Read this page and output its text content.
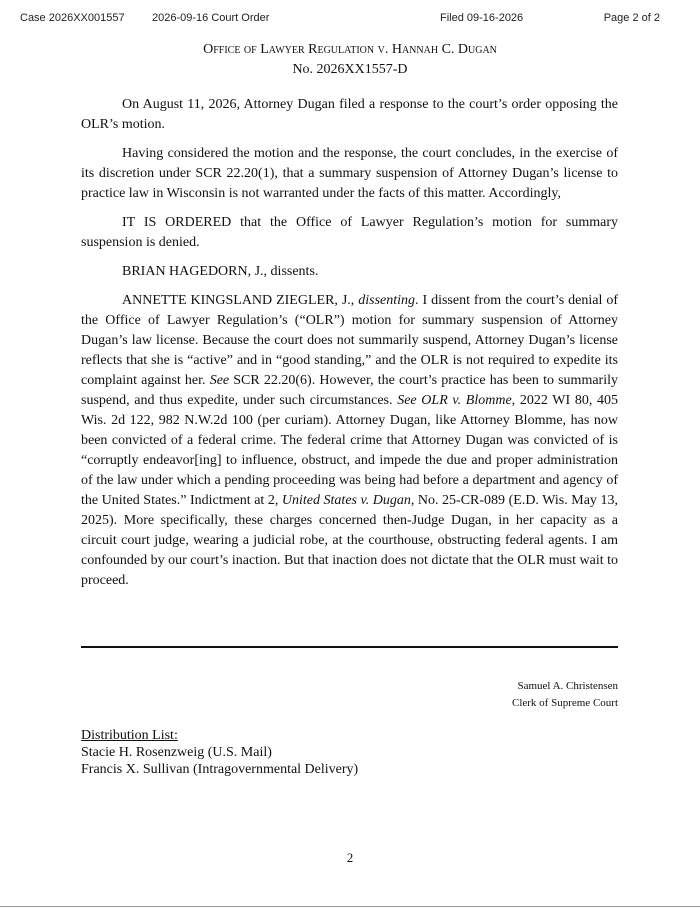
Case 2026XX001557 2026-09-16 Court Order	Filed 09-16-2026	Page 2 of 2
Office of Lawyer Regulation v. Hannah C. Dugan
No. 2026XX1557-D

On August 11, 2026, Attorney Dugan filed a response to the court’s order opposing the OLR’s motion.

Having considered the motion and the response, the court concludes, in the exercise of its discretion under SCR 22.20(1), that a summary suspension of Attorney Dugan’s license to practice law in Wisconsin is not warranted under the facts of this matter. Accordingly,

IT IS ORDERED that the Office of Lawyer Regulation’s motion for summary suspension is denied.

BRIAN HAGEDORN, J., dissents.

ANNETTE KINGSLAND ZIEGLER, J., dissenting. I dissent from the court’s denial of the Office of Lawyer Regulation’s (“OLR”) motion for summary suspension of Attorney Dugan’s law license. Because the court does not summarily suspend, Attorney Dugan’s license reflects that she is “active” and in “good standing,” and the OLR is not required to expedite its complaint against her. See SCR 22.20(6). However, the court’s practice has been to summarily suspend, and thus expedite, under such circumstances. See OLR v. Blomme, 2022 WI 80, 405 Wis. 2d 122, 982 N.W.2d 100 (per curiam). Attorney Dugan, like Attorney Blomme, has now been convicted of a federal crime. The federal crime that Attorney Dugan was convicted of is “corruptly endeavor[ing] to influence, obstruct, and impede the due and proper administration of the law under which a pending proceeding was being had before a department and agency of the United States.” Indictment at 2, United States v. Dugan, No. 25-CR-089 (E.D. Wis. May 13, 2025). More specifically, these charges concerned then-Judge Dugan, in her capacity as a circuit court judge, wearing a judicial robe, at the courthouse, obstructing federal agents. I am confounded by our court’s inaction. But that inaction does not dictate that the OLR must wait to proceed.

Samuel A. Christensen
Clerk of Supreme Court
Distribution List:
Stacie H. Rosenzweig (U.S. Mail)
Francis X. Sullivan (Intragovernmental Delivery)
2
